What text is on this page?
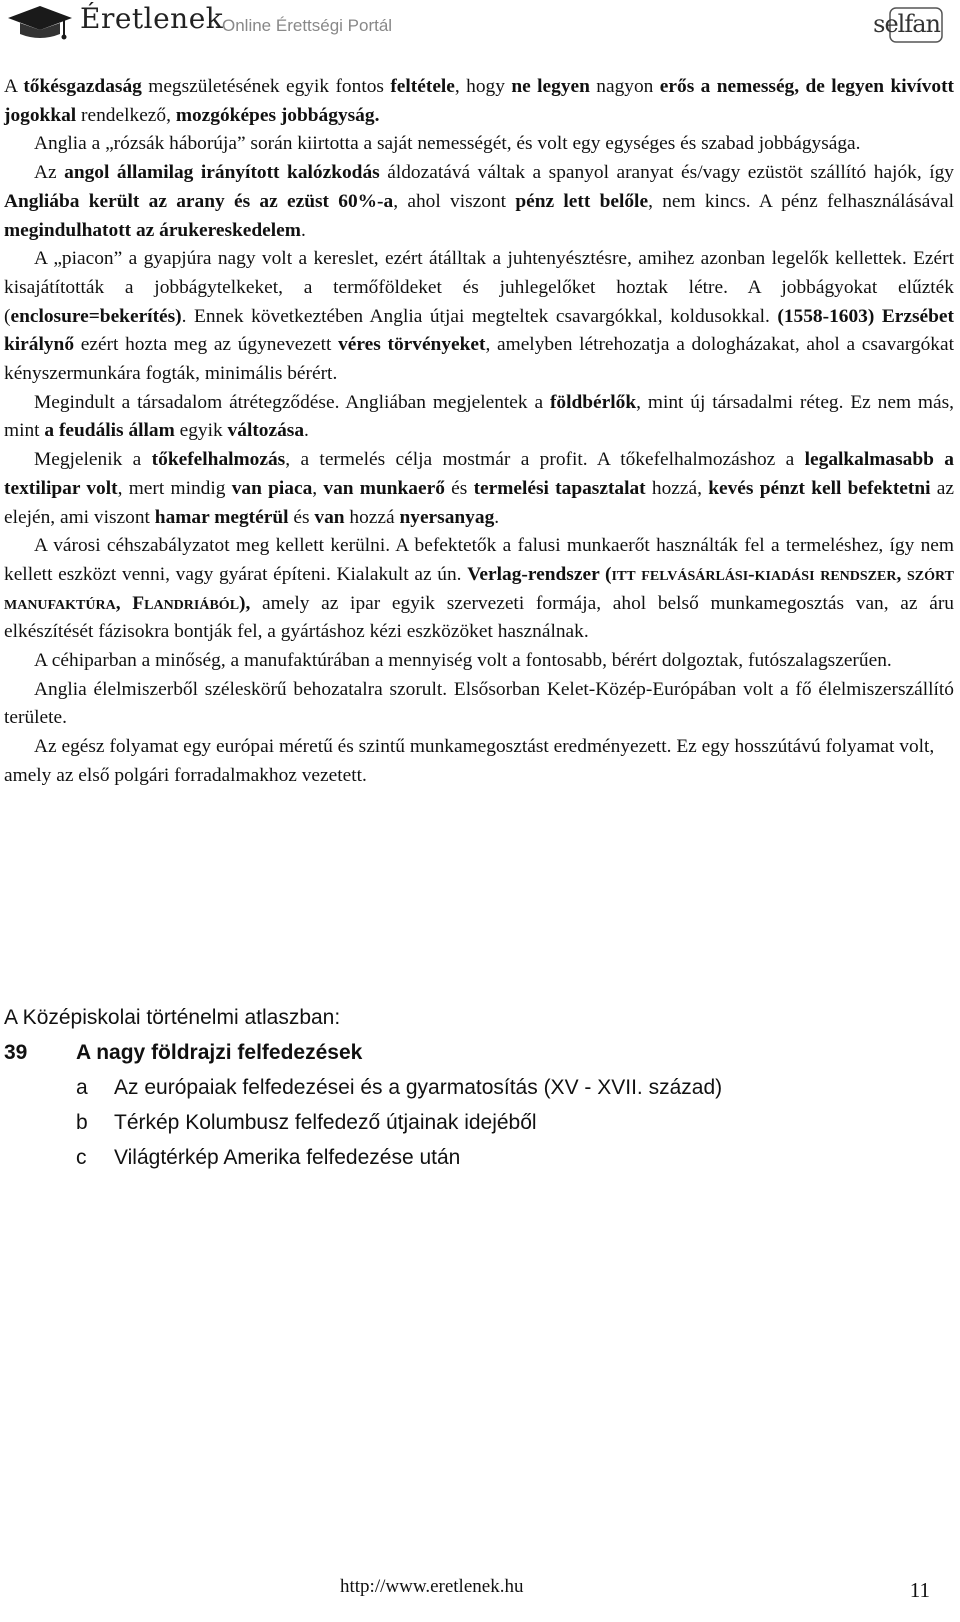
Éretlenek
Online Érettségi Portál	selfan

A tőkésgazdaság megszületésének egyik fontos feltétele, hogy ne legyen nagyon erős a nemesség, de legyen kivívott jogokkal rendelkező, mozgóképes jobbágyság.

Anglia a „rózsák háborúja” során kiirtotta a saját nemességét, és volt egy egységes és szabad jobbágysága.

Az angol államilag irányított kalózkodás áldozatává váltak a spanyol aranyat és/vagy ezüstöt szállító hajók, így Angliába került az arany és az ezüst 60%-a, ahol viszont pénz lett belőle, nem kincs. A pénz felhasználásával megindulhatott az árukereskedelem.

A „piacon” a gyapjúra nagy volt a kereslet, ezért átálltak a juhtenyésztésre, amihez azonban legelők kellettek. Ezért kisajátították a jobbágytelkeket, a termőföldeket és juhlegelőket hoztak létre. A jobbágyokat elűzték (enclosure=bekerítés). Ennek következtében Anglia útjai megteltek csavargókkal, koldusokkal. (1558-1603) Erzsébet királynő ezért hozta meg az úgynevezett véres törvényeket, amelyben létrehozatja a dologházakat, ahol a csavargókat kényszermunkára fogták, minimális bérért.

Megindult a társadalom átrétegződése. Angliában megjelentek a földbérlők, mint új társadalmi réteg. Ez nem más, mint a feudális állam egyik változása.

Megjelenik a tőkefelhalmozás, a termelés célja mostmár a profit. A tőkefelhalmozáshoz a legalkalmasabb a textilipar volt, mert mindig van piaca, van munkaerő és termelési tapasztalat hozzá, kevés pénzt kell befektetni az elején, ami viszont hamar megtérül és van hozzá nyersanyag.

A városi céhszabályzatot meg kellett kerülni. A befektetők a falusi munkaerőt használták fel a termeléshez, így nem kellett eszközt venni, vagy gyárat építeni. Kialakult az ún. Verlag-rendszer (itt felvásárlási-kiadási rendszer, szórt manufaktúra, Flandriából), amely az ipar egyik szervezeti formája, ahol belső munkamegosztás van, az áru elkészítését fázisokra bontják fel, a gyártáshoz kézi eszközöket használnak.

A céhiparban a minőség, a manufaktúrában a mennyiség volt a fontosabb, bérért dolgoztak, futószalagszerűen.

Anglia élelmiszerből széleskörű behozatalra szorult. Elsősorban Kelet-Közép-Európában volt a fő élelmiszerszállító területe.

Az egész folyamat egy európai méretű és szintű munkamegosztást eredményezett. Ez egy hosszútávú folyamat volt, amely az első polgári forradalmakhoz vezetett.

A Középiskolai történelmi atlaszban:
39 A nagy földrajzi felfedezések
a Az európaiak felfedezései és a gyarmatosítás (XV - XVII. század)
b Térkép Kolumbusz felfedező útjainak idejéből
c Világtérkép Amerika felfedezése után
http://www.eretlenek.hu	11
